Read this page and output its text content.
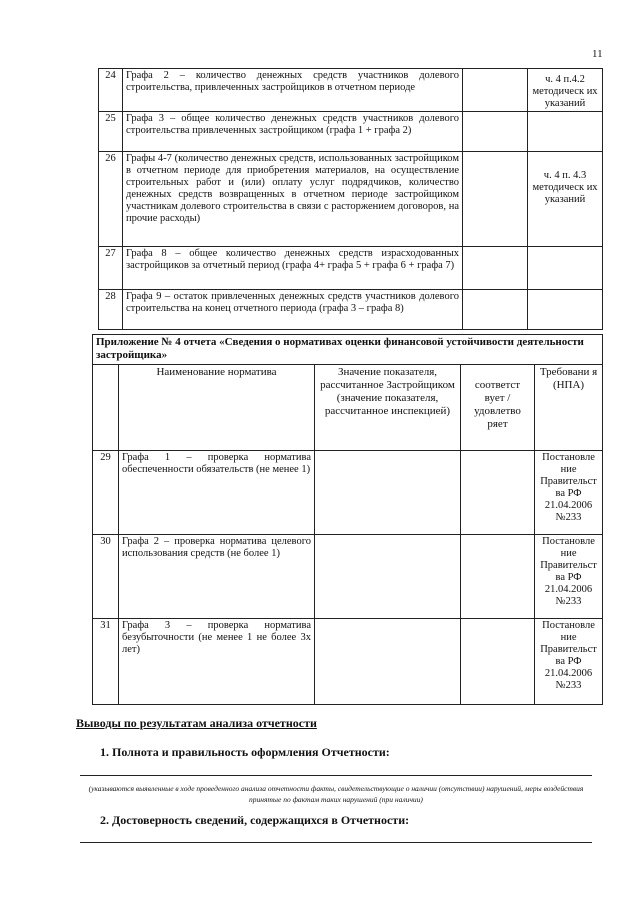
11
24	Графа 2 – количество денежных средств участников долевого строительства, привлеченных застройщиков в отчетном периоде		ч. 4 п.4.2 методическ их указаний
25	Графа 3 – общее количество денежных средств участников долевого строительства привлеченных застройщиком (графа 1 + графа 2)		
26	Графы 4-7 (количество денежных средств, использованных застройщиком в отчетном периоде для приобретения материалов, на осуществление строительных работ и (или) оплату услуг подрядчиков, количество денежных средств возвращенных в отчетном периоде застройщиком участникам долевого строительства в связи с расторжением договоров, на прочие расходы)		ч. 4 п. 4.3 методическ их указаний
27	Графа 8 – общее количество денежных средств израсходованных застройщиков за отчетный период (графа 4+ графа 5 + графа 6 + графа 7)		
28	Графа 9 – остаток привлеченных денежных средств участников долевого строительства на конец отчетного периода (графа 3 – графа 8)		
Приложение № 4 отчета «Сведения о нормативах оценки финансовой устойчивости деятельности застройщика»				
	Наименование норматива	Значение показателя, рассчитанное Застройщиком (значение показателя, рассчитанное инспекцией)	соответст вует / удовлетво ряет	Требовани я (НПА)
29	Графа 1 – проверка норматива обеспеченности обязательств (не менее 1)			Постановле ние Правительст ва РФ 21.04.2006 №233
30	Графа 2 – проверка норматива целевого использования средств (не более 1)			Постановле ние Правительст ва РФ 21.04.2006 №233
31	Графа 3 – проверка норматива безубыточности (не менее 1 не более 3х лет)			Постановле ние Правительст ва РФ 21.04.2006 №233
Выводы по результатам анализа отчетности
1. Полнота и правильность оформления Отчетности:
(указываются выявленные в ходе проведенного анализа отчетности факты, свидетельствующие о наличии (отсутствии) нарушений, меры воздействия принятые по фактам таких нарушений (при наличии)
2. Достоверность сведений, содержащихся в Отчетности:
